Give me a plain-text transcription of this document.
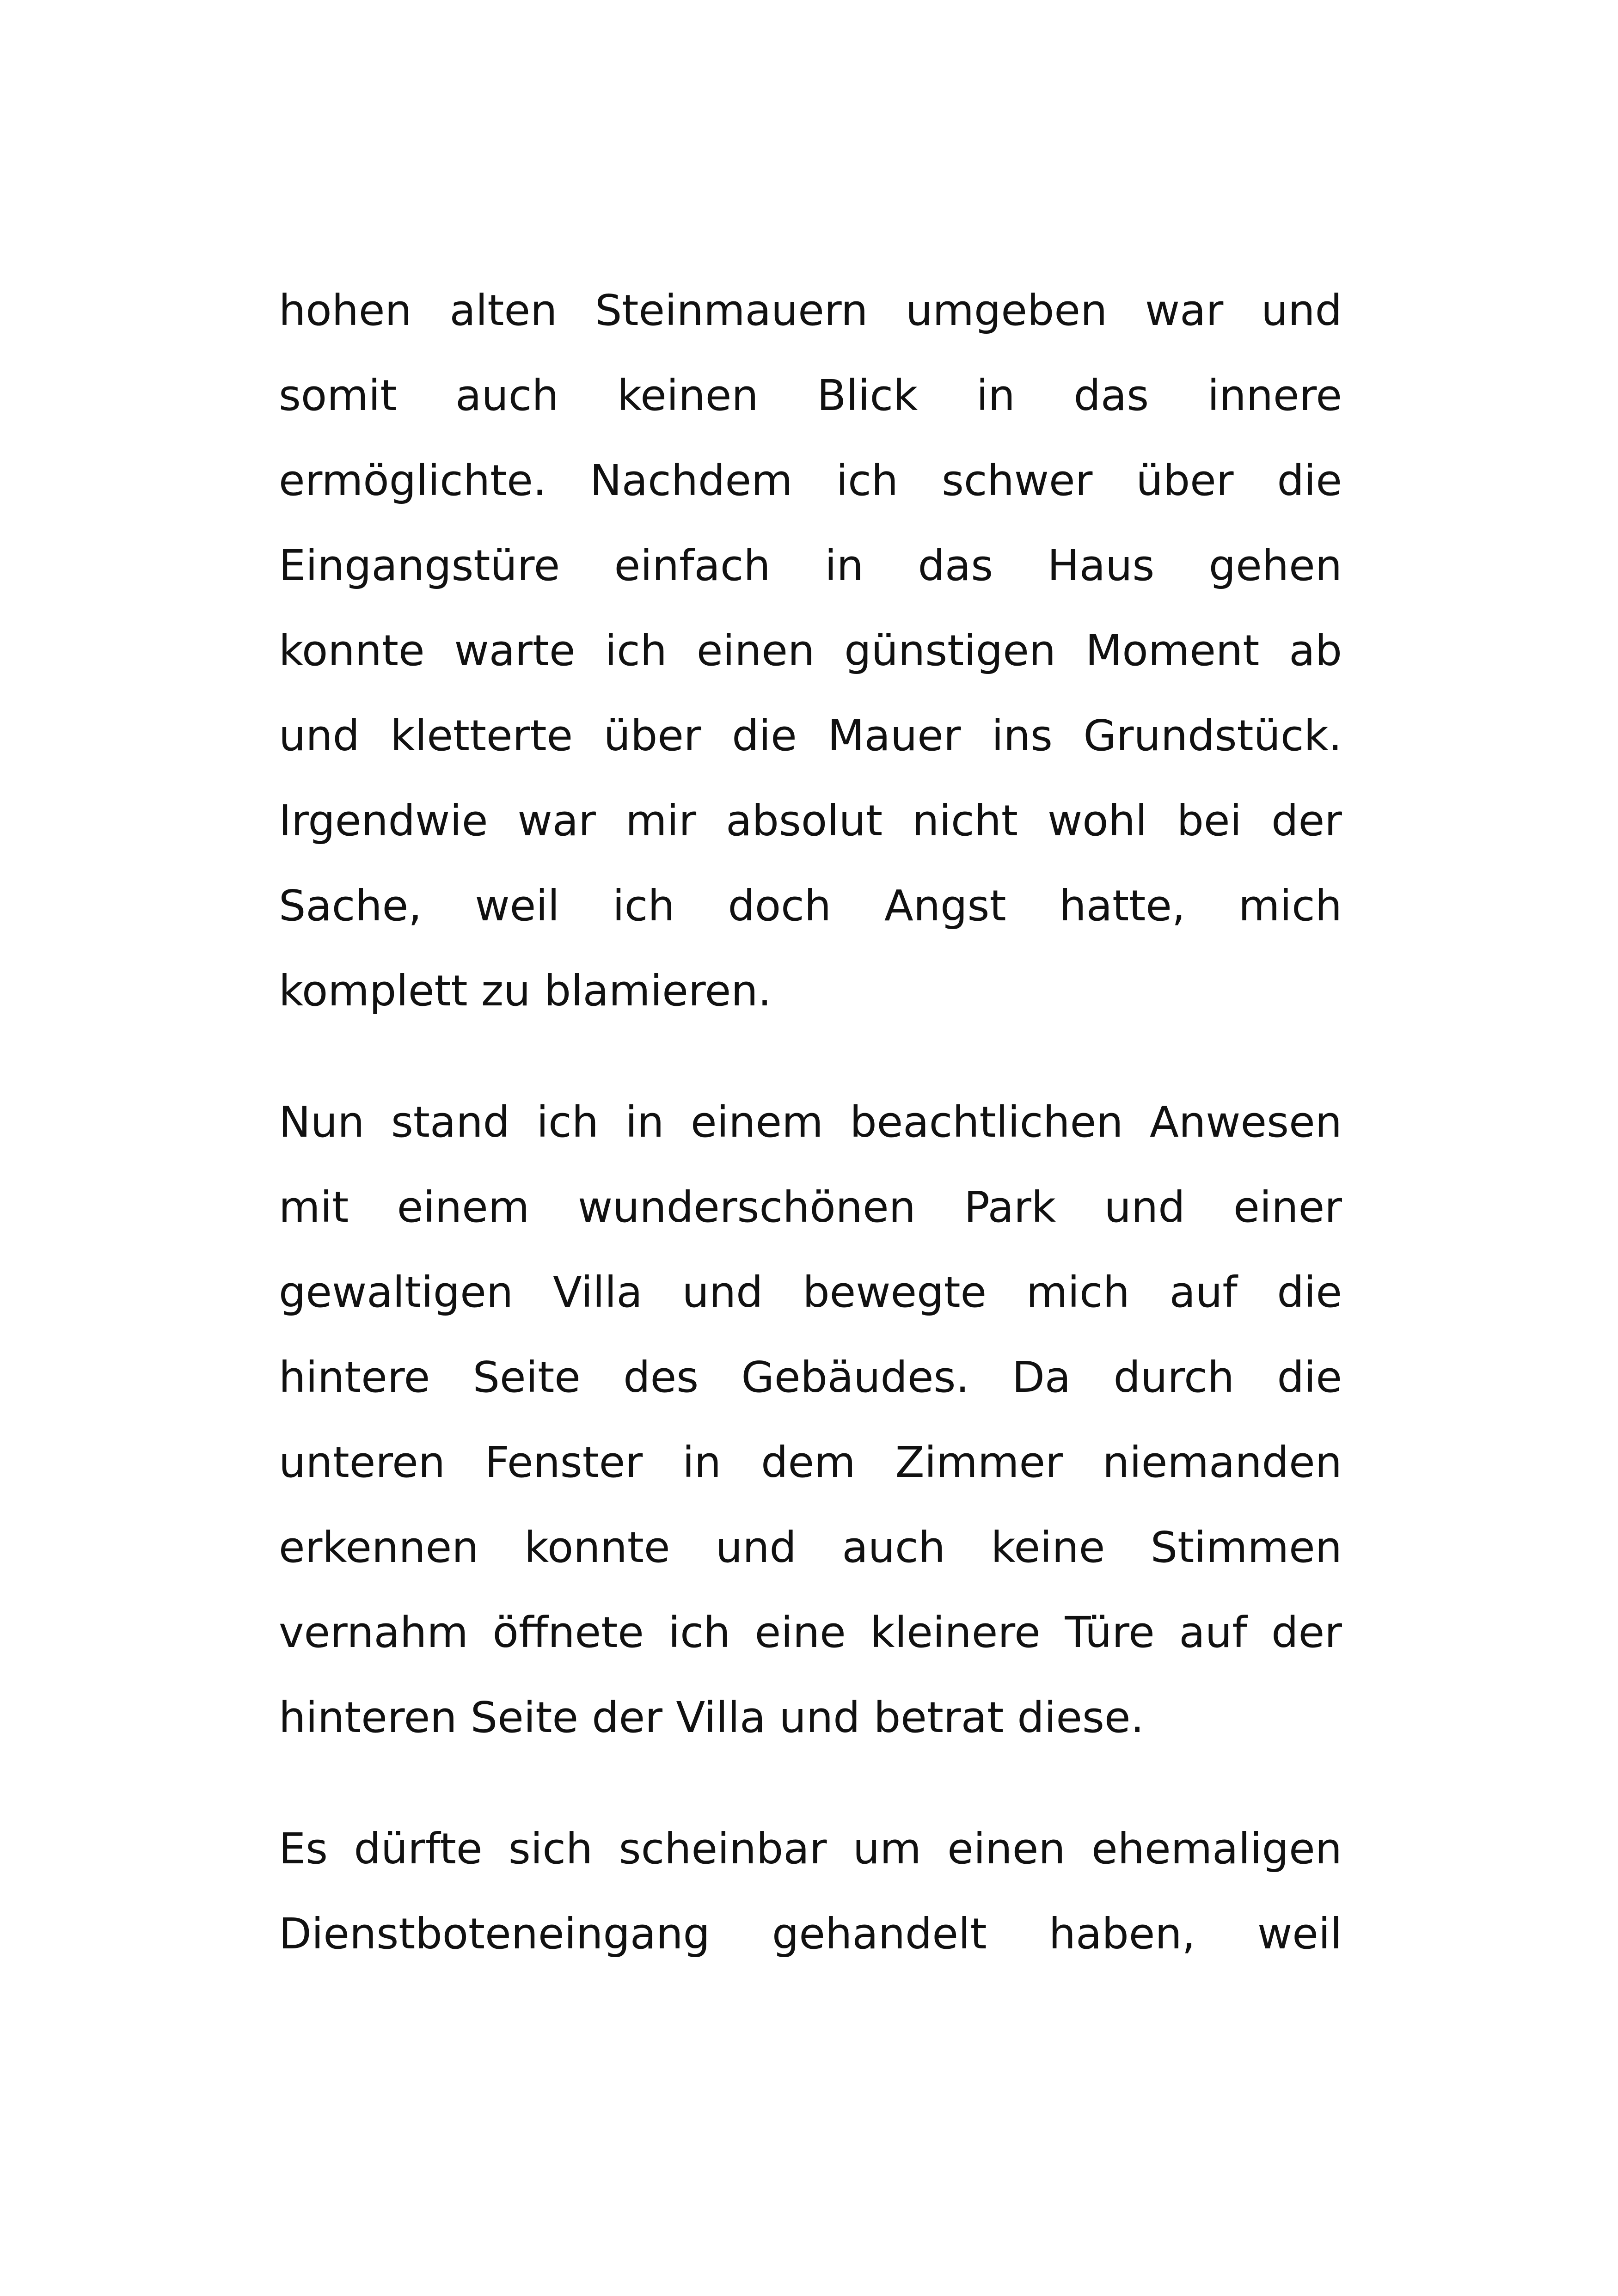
hohen alten Steinmauern umgeben war und
somit auch keinen Blick in das innere
ermöglichte. Nachdem ich schwer über die
Eingangstüre einfach in das Haus gehen
konnte warte ich einen günstigen Moment ab
und kletterte über die Mauer ins Grundstück.
Irgendwie war mir absolut nicht wohl bei der
Sache, weil ich doch Angst hatte, mich
komplett zu blamieren.
Nun stand ich in einem beachtlichen Anwesen
mit einem wunderschönen Park und einer
gewaltigen Villa und bewegte mich auf die
hintere Seite des Gebäudes. Da durch die
unteren Fenster in dem Zimmer niemanden
erkennen konnte und auch keine Stimmen
vernahm öffnete ich eine kleinere Türe auf der
hinteren Seite der Villa und betrat diese.
Es dürfte sich scheinbar um einen ehemaligen
Dienstboteneingang gehandelt haben, weil
